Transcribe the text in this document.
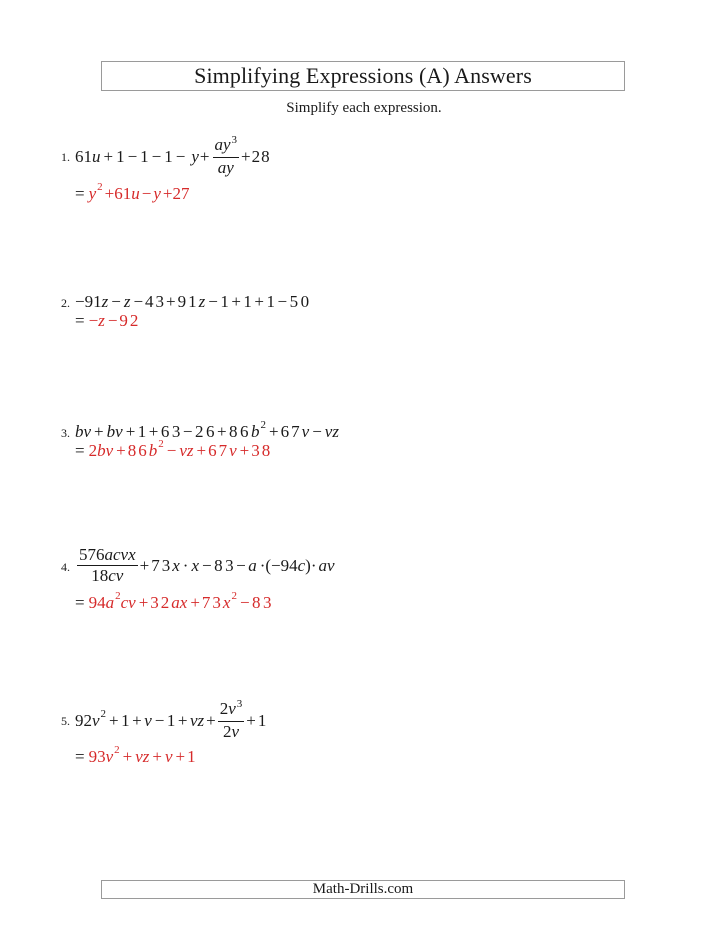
Simplifying Expressions (A) Answers
Simplify each expression.
1. 61 $u +1-1-1- y + \frac{ay^3}{ay} +28$
= $y^2 +61$ u − y +27
2. −91 z − z −43+91 z −1+1+1−50
= − z −92
3. bv + bv +1+63−26+86 $b^2 +67$ v − vz
= 2 bv +86 $b^2$ − vz +67 v +38
4. $\frac{\text{576acvx}}{18cv} +73$ x · x −83− a ·(−94 c )· av
= 94 $a^2$ cv +32 ax +73 $x^2 -83$
5. 92 $v^2 +1+ v -1+$ vz + $\frac{2v^3}{2v} +1$
= 93 $v^2$ + vz + v +1
Math-Drills.com
